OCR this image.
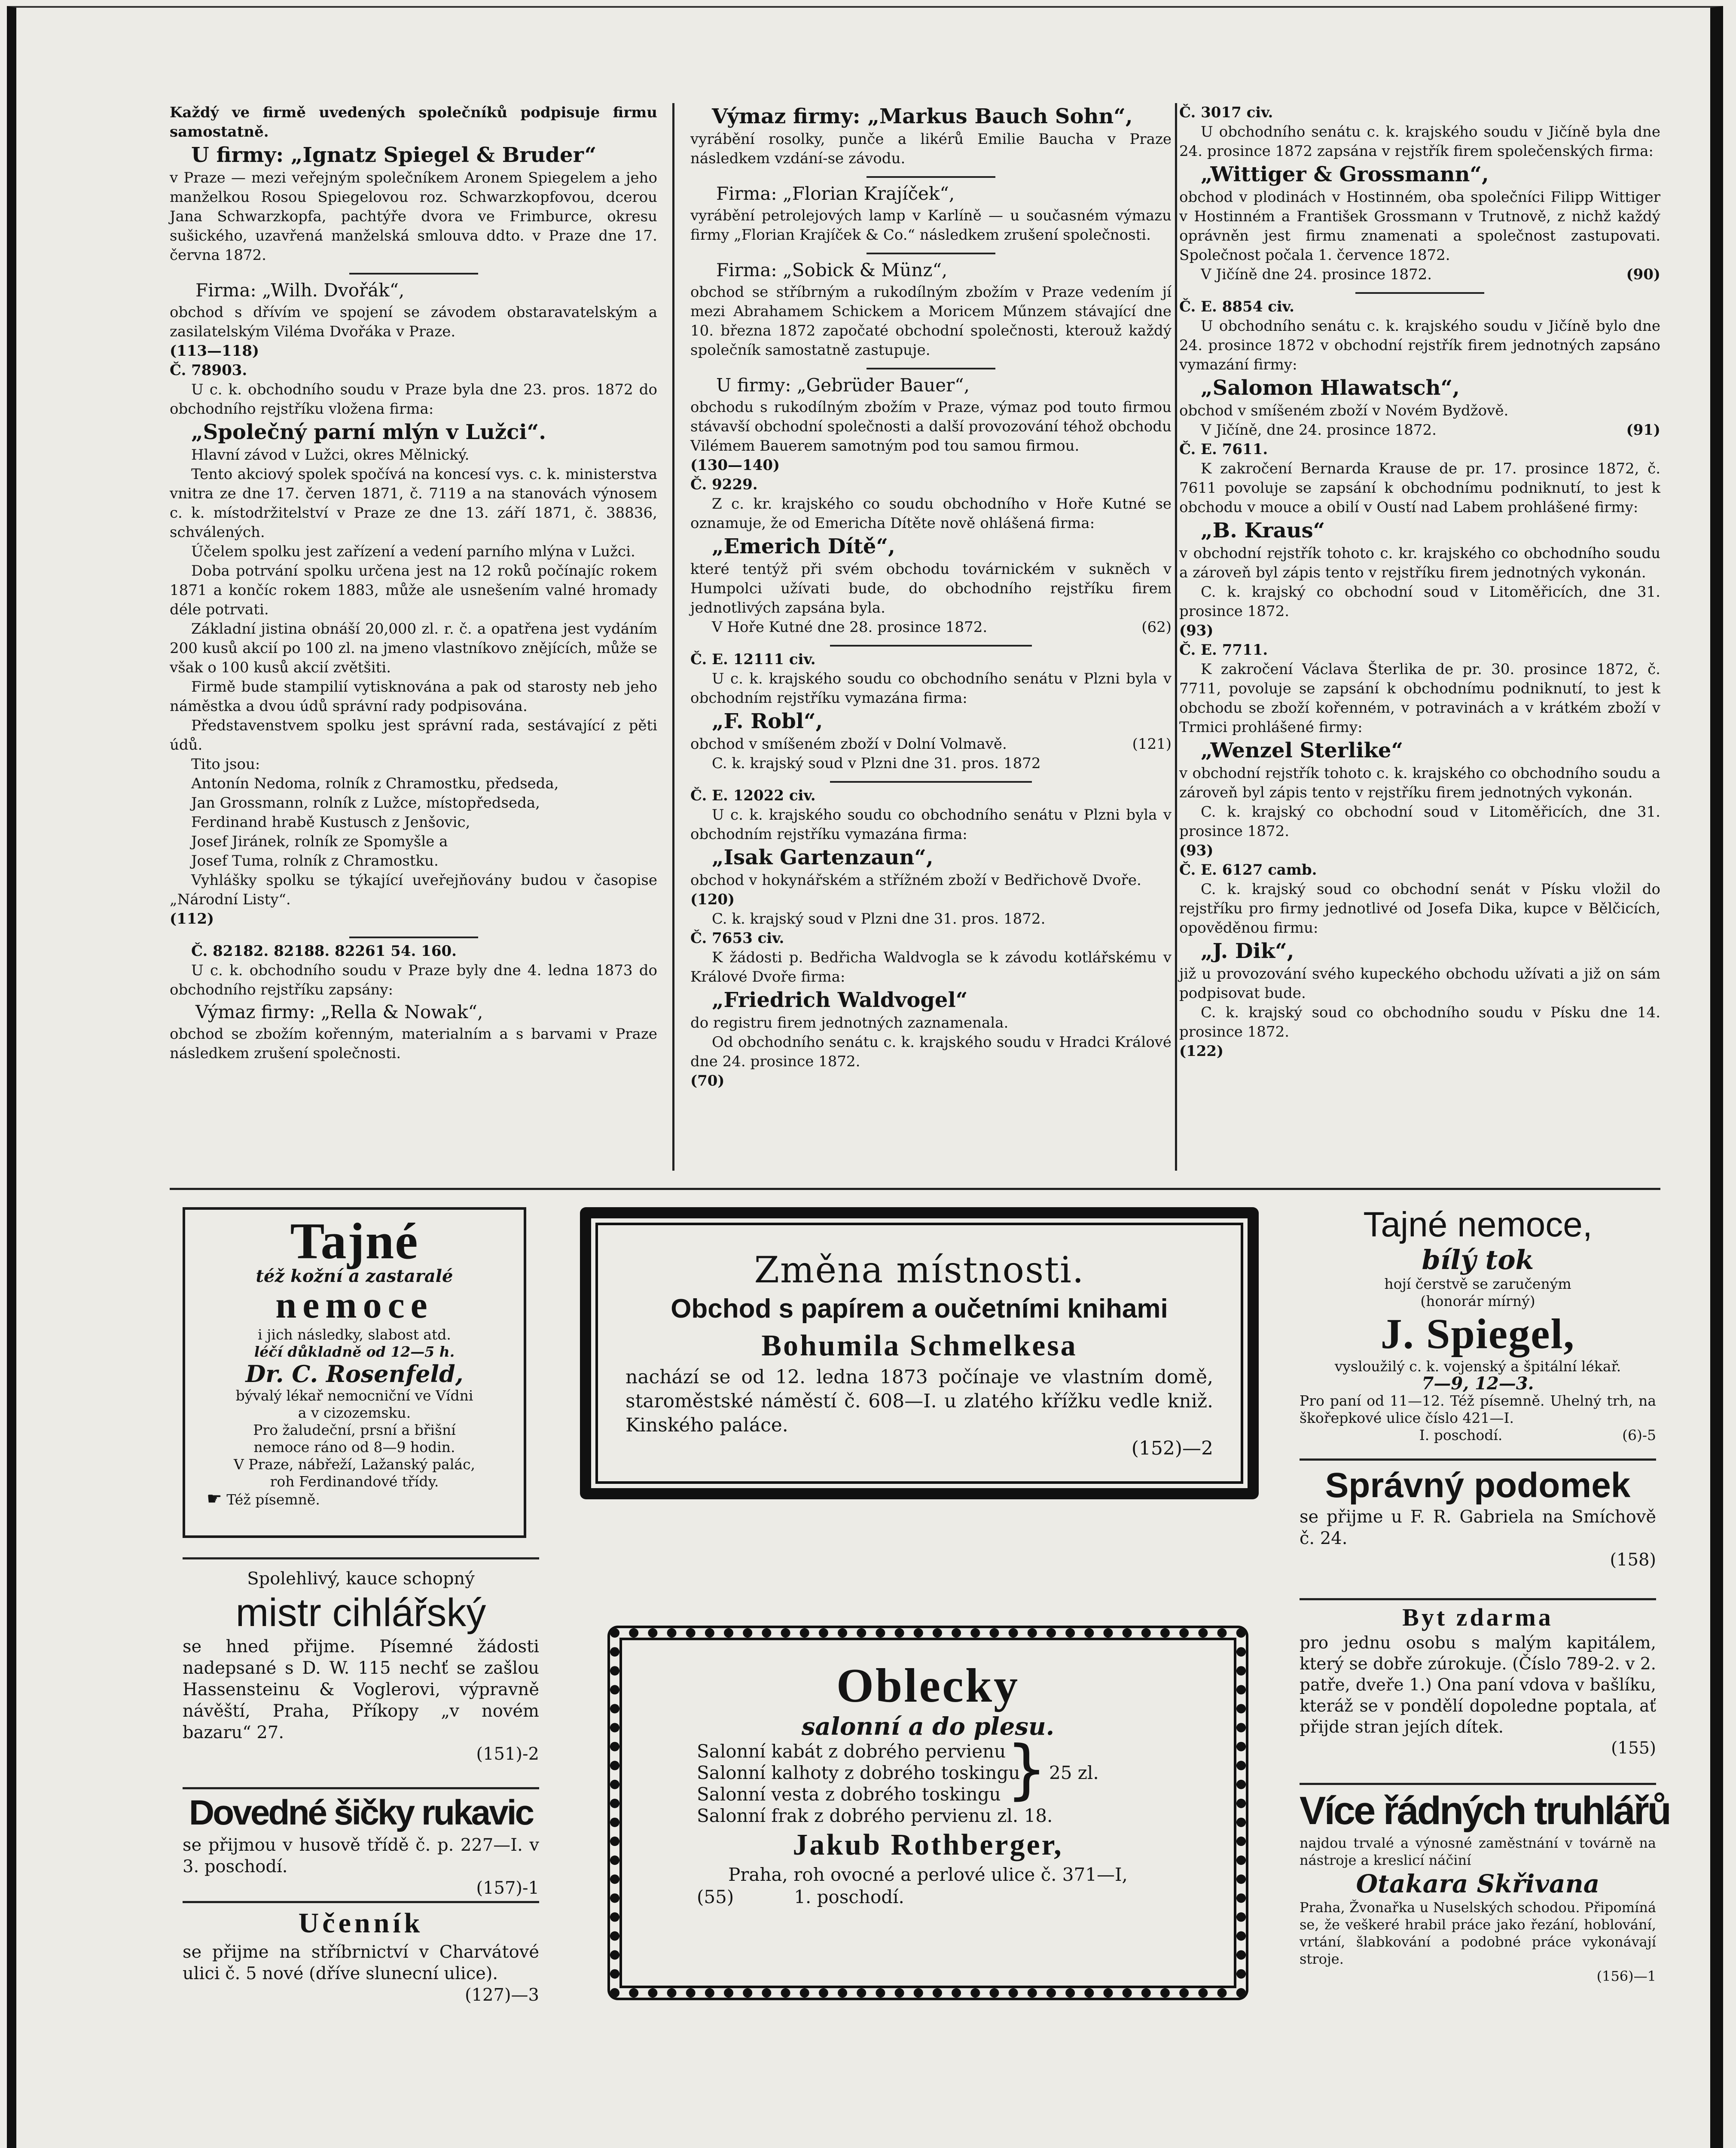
Každý ve firmě uvedených společníků podpisuje firmu samostatně.

U firmy: „Ignatz Spiegel & Bruder“

v Praze — mezi veřejným společníkem Aronem Spiegelem a jeho manželkou Rosou Spiegelovou roz. Schwarzkopfovou, dcerou Jana Schwarzkopfa, pachtýře dvora ve Frimburce, okresu sušického, uzavřená manželská smlouva ddto. v Praze dne 17. června 1872.

Firma: „Wilh. Dvořák“,

obchod s dřívím ve spojení se závodem obstaravatelským a zasilatelským Viléma Dvořáka v Praze.

(113—118)

Č. 78903.

U c. k. obchodního soudu v Praze byla dne 23. pros. 1872 do obchodního rejstříku vložena firma:

„Společný parní mlýn v Lužci“.

Hlavní závod v Lužci, okres Mělnický.

Tento akciový spolek spočívá na koncesí vys. c. k. ministerstva vnitra ze dne 17. červen 1871, č. 7119 a na stanovách výnosem c. k. místodržitelství v Praze ze dne 13. září 1871, č. 38836, schválených.

Účelem spolku jest zařízení a vedení parního mlýna v Lužci.

Doba potrvání spolku určena jest na 12 roků počínajíc rokem 1871 a končíc rokem 1883, může ale usnešením valné hromady déle potrvati.

Základní jistina obnáší 20,000 zl. r. č. a opatřena jest vydáním 200 kusů akcií po 100 zl. na jmeno vlastníkovo znějících, může se však o 100 kusů akcií zvětšiti.

Firmě bude stampilií vytisknována a pak od starosty neb jeho náměstka a dvou údů správní rady podpisována.

Představenstvem spolku jest správní rada, sestávající z pěti údů.

Tito jsou:

Antonín Nedoma, rolník z Chramostku, předseda,

Jan Grossmann, rolník z Lužce, místopředseda,

Ferdinand hrabě Kustusch z Jenšovic,

Josef Jiránek, rolník ze Spomyšle a

Josef Tuma, rolník z Chramostku.

Vyhlášky spolku se týkající uveřejňovány budou v časopise „Národní Listy“.

(112)

Č. 82182. 82188. 82261 54. 160.

U c. k. obchodního soudu v Praze byly dne 4. ledna 1873 do obchodního rejstříku zapsány:

Výmaz firmy: „Rella & Nowak“,

obchod se zbožím kořenným, materialním a s barvami v Praze následkem zrušení společnosti.

Výmaz firmy: „Markus Bauch Sohn“,

vyrábění rosolky, punče a likérů Emilie Baucha v Praze následkem vzdání-se závodu.

Firma: „Florian Krajíček“,

vyrábění petrolejových lamp v Karlíně — u současném výmazu firmy „Florian Krajíček & Co.“ následkem zrušení společnosti.

Firma: „Sobick & Münz“,

obchod se stříbrným a rukodílným zbožím v Praze vedením jí mezi Abrahamem Schickem a Moricem Műnzem stávající dne 10. března 1872 započaté obchodní společnosti, kterouž každý společník samostatně zastupuje.

U firmy: „Gebrüder Bauer“,

obchodu s rukodílným zbožím v Praze, výmaz pod touto firmou stávavší obchodní společnosti a další provozování téhož obchodu Vilémem Bauerem samotným pod tou samou firmou.

(130—140)

Č. 9229.

Z c. kr. krajského co soudu obchodního v Hoře Kutné se oznamuje, že od Emericha Dítěte nově ohlášená firma:

„Emerich Dítě“,

které tentýž při svém obchodu továrnickém v sukněch v Humpolci užívati bude, do obchodního rejstříku firem jednotlivých zapsána byla.

V Hoře Kutné dne 28. prosince 1872.	(62)

Č. E. 12111 civ.

U c. k. krajského soudu co obchodního senátu v Plzni byla v obchodním rejstříku vymazána firma:

„F. Robl“,

obchod v smíšeném zboží v Dolní Volmavě.	(121)

C. k. krajský soud v Plzni dne 31. pros. 1872

Č. E. 12022 civ.

U c. k. krajského soudu co obchodního senátu v Plzni byla v obchodním rejstříku vymazána firma:

„Isak Gartenzaun“,

obchod v hokynářském a střížném zboží v Bedřichově Dvoře.

(120)

C. k. krajský soud v Plzni dne 31. pros. 1872.

Č. 7653 civ.

K žádosti p. Bedřicha Waldvogla se k závodu kotlářskému v Králové Dvoře firma:

„Friedrich Waldvogel“

do registru firem jednotných zaznamenala.

Od obchodního senátu c. k. krajského soudu v Hradci Králové dne 24. prosince 1872.

(70)

Č. 3017 civ.

U obchodního senátu c. k. krajského soudu v Jičíně byla dne 24. prosince 1872 zapsána v rejstřík firem společenských firma:

„Wittiger & Grossmann“,

obchod v plodinách v Hostinném, oba společníci Filipp Wittiger v Hostinném a František Grossmann v Trutnově, z nichž každý oprávněn jest firmu znamenati a společnost zastupovati. Společnost počala 1. července 1872.

V Jičíně dne 24. prosince 1872.	(90)

Č. E. 8854 civ.

U obchodního senátu c. k. krajského soudu v Jičíně bylo dne 24. prosince 1872 v obchodní rejstřík firem jednotných zapsáno vymazání firmy:

„Salomon Hlawatsch“,

obchod v smíšeném zboží v Novém Bydžově.

V Jičíně, dne 24. prosince 1872.	(91)

Č. E. 7611.

K zakročení Bernarda Krause de pr. 17. prosince 1872, č. 7611 povoluje se zapsání k obchodnímu podniknutí, to jest k obchodu v mouce a obilí v Oustí nad Labem prohlášené firmy:

„B. Kraus“

v obchodní rejstřík tohoto c. kr. krajského co obchodního soudu a zároveň byl zápis tento v rejstříku firem jednotných vykonán.

C. k. krajský co obchodní soud v Litoměřicích, dne 31. prosince 1872.

(93)

Č. E. 7711.

K zakročení Václava Šterlika de pr. 30. prosince 1872, č. 7711, povoluje se zapsání k obchodnímu podniknutí, to jest k obchodu se zboží kořenném, v potravinách a v krátkém zboží v Trmici prohlášené firmy:

„Wenzel Sterlike“

v obchodní rejstřík tohoto c. k. krajského co obchodního soudu a zároveň byl zápis tento v rejstříku firem jednotných vykonán.

C. k. krajský co obchodní soud v Litoměřicích, dne 31. prosince 1872.

(93)

Č. E. 6127 camb.

C. k. krajský soud co obchodní senát v Písku vložil do rejstříku pro firmy jednotlivé od Josefa Dika, kupce v Bělčicích, opověděnou firmu:

„J. Dik“,

již u provozování svého kupeckého obchodu užívati a již on sám podpisovat bude.

C. k. krajský soud co obchodního soudu v Písku dne 14. prosince 1872.

(122)

Tajné

též kožní a zastaralé

nemoce

i jich následky, slabost atd.

léčí důkladně od 12—5 h.

Dr. C. Rosenfeld,

bývalý lékař nemocniční ve Vídni

a v cizozemsku.

Pro žaludeční, prsní a břišní

nemoce ráno od 8—9 hodin.

V Praze, nábřeží, Lažanský palác,

roh Ferdinandové třídy.

☛ Též písemně.

Změna místnosti.

Obchod s papírem a oučetními knihami

Bohumila Schmelkesa

nachází se od 12. ledna 1873 počínaje ve vlastním domě, staroměstské náměstí č. 608—I. u zlatého křížku vedle kniž. Kinského paláce.

(152)—2

Tajné nemoce,

bílý tok

hojí čerstvě se zaručeným

(honorár mírný)

J. Spiegel,

vysloužilý c. k. vojenský a špitální lékař.

7—9, 12—3.

Pro paní od 11—12. Též písemně. Uhelný trh, na škořepkové ulice číslo 421—I.

I. poschodí.	(6)-5

Správný podomek

se přijme u F. R. Gabriela na Smíchově č. 24.

(158)

Byt zdarma

pro jednu osobu s malým kapitálem, který se dobře zúrokuje. (Číslo 789-2. v 2. patře, dveře 1.) Ona paní vdova v bašlíku, kteráž se v pondělí dopoledne poptala, ať přijde stran jejích dítek.

(155)

Více řádných truhlářů

najdou trvalé a výnosné zaměstnání v továrně na nástroje a kreslicí náčiní

Otakara Skřivana

Praha, Žvonařka u Nuselských schodou. Připomíná se, že veškeré hrabil práce jako řezání, hoblování, vrtání, šlabkování a podobné práce vykonávají stroje.

(156)—1

Spolehlivý, kauce schopný

mistr cihlářský

se hned přijme. Písemné žádosti nadepsané s D. W. 115 nechť se zašlou Hassensteinu & Voglerovi, výpravně návěští, Praha, Příkopy „v novém bazaru“ 27.

(151)-2

Dovedné šičky rukavic

se přijmou v husově třídě č. p. 227—I. v 3. poschodí.

(157)-1

Učenník

se přijme na stříbrnictví v Charvátové ulici č. 5 nové (dříve slunecní ulice).

(127)—3

Oblecky

salonní a do plesu.

Salonní kabát z dobrého pervienu

Salonní kalhoty z dobrého toskingu

Salonní vesta z dobrého toskingu } 25 zl.

Salonní frak z dobrého pervienu zl. 18.

Jakub Rothberger,

Praha, roh ovocné a perlové ulice č. 371—I,

(55)	1. poschodí.
